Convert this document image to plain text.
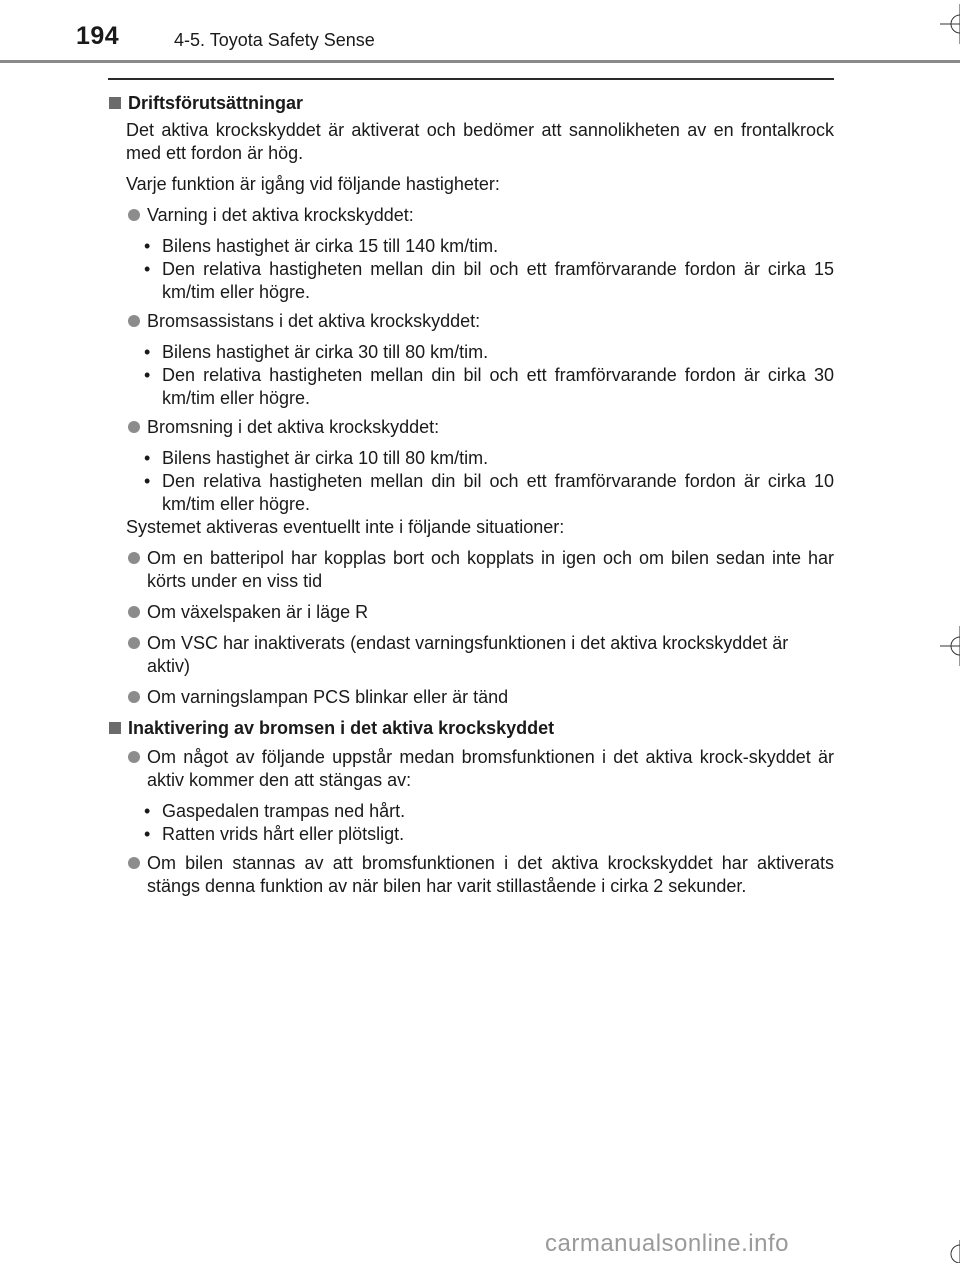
194	4-5. Toyota Safety Sense
Driftsförutsättningar
Det aktiva krockskyddet är aktiverat och bedömer att sannolikheten av en frontalkrock med ett fordon är hög.
Varje funktion är igång vid följande hastigheter:
Varning i det aktiva krockskyddet:
• Bilens hastighet är cirka 15 till 140 km/tim.
• Den relativa hastigheten mellan din bil och ett framförvarande fordon är cirka 15 km/tim eller högre.
Bromsassistans i det aktiva krockskyddet:
• Bilens hastighet är cirka 30 till 80 km/tim.
• Den relativa hastigheten mellan din bil och ett framförvarande fordon är cirka 30 km/tim eller högre.
Bromsning i det aktiva krockskyddet:
• Bilens hastighet är cirka 10 till 80 km/tim.
• Den relativa hastigheten mellan din bil och ett framförvarande fordon är cirka 10 km/tim eller högre.
Systemet aktiveras eventuellt inte i följande situationer:
Om en batteripol har kopplas bort och kopplats in igen och om bilen sedan inte har körts under en viss tid
Om växelspaken är i läge R
Om VSC har inaktiverats (endast varningsfunktionen i det aktiva krockskyddet är aktiv)
Om varningslampan PCS blinkar eller är tänd
Inaktivering av bromsen i det aktiva krockskyddet
Om något av följande uppstår medan bromsfunktionen i det aktiva krock-skyddet är aktiv kommer den att stängas av:
• Gaspedalen trampas ned hårt.
• Ratten vrids hårt eller plötsligt.
Om bilen stannas av att bromsfunktionen i det aktiva krockskyddet har aktiverats stängs denna funktion av när bilen har varit stillastående i cirka 2 sekunder.
carmanualsonline.info
